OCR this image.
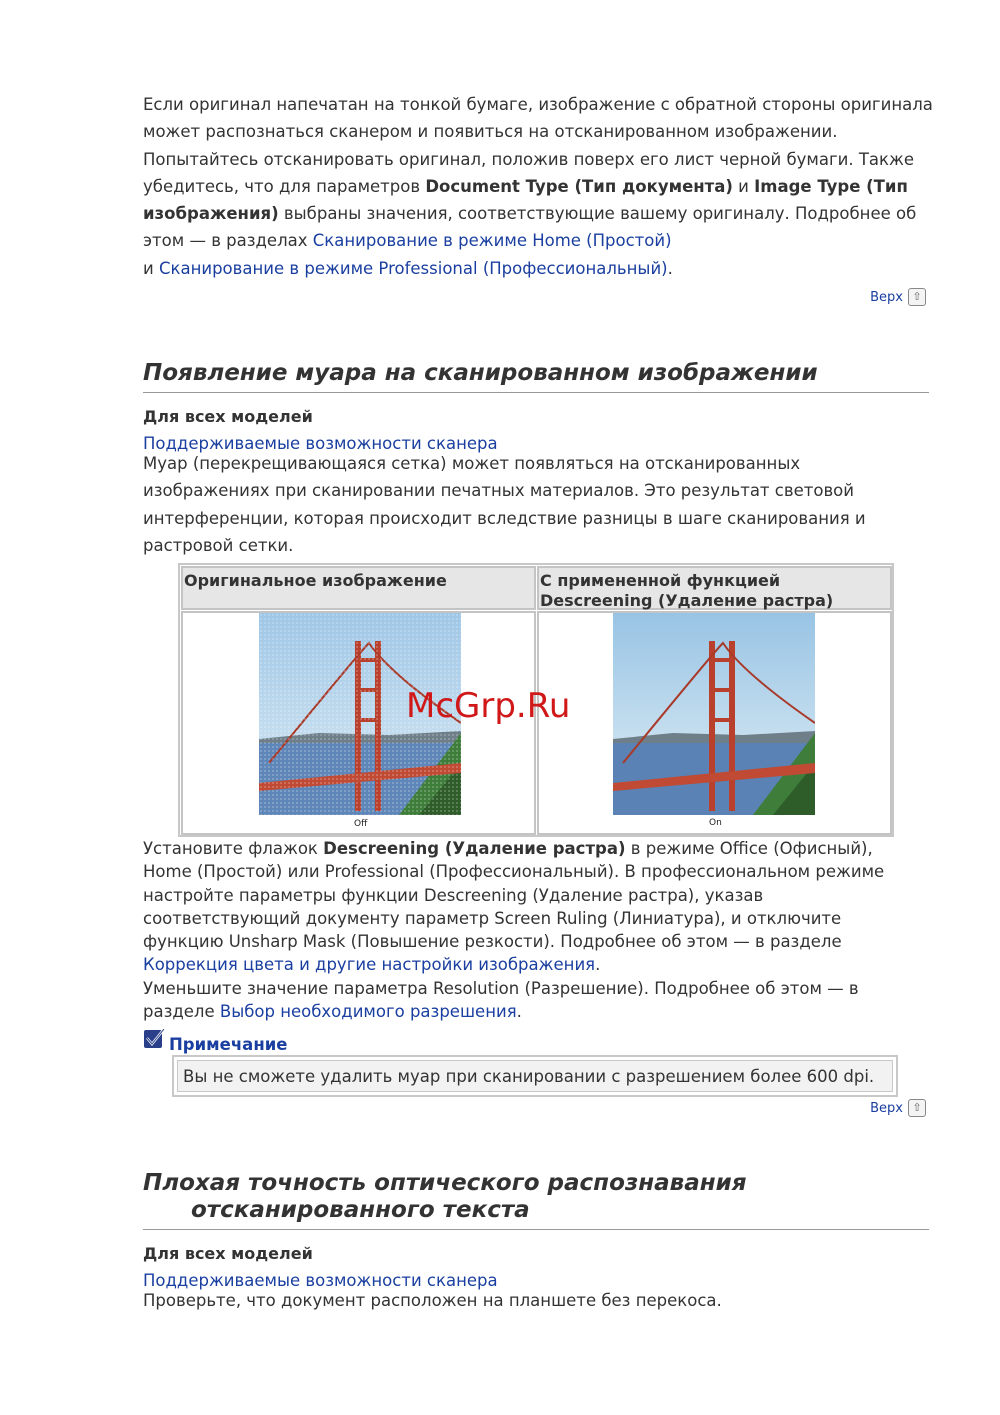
Если оригинал напечатан на тонкой бумаге, изображение с обратной стороны оригинала может распознаться сканером и появиться на отсканированном изображении. Попытайтесь отсканировать оригинал, положив поверх его лист черной бумаги. Также убедитесь, что для параметров Document Type (Тип документа) и Image Type (Тип изображения) выбраны значения, соответствующие вашему оригиналу. Подробнее об этом — в разделах Сканирование в режиме Home (Простой)
и Сканирование в режиме Professional (Профессиональный).

Верх ⇧
Появление муара на сканированном изображении

Для всех моделей

Поддерживаемые возможности сканера

Муар (перекрещивающаяся сетка) может появляться на отсканированных изображениях при сканировании печатных материалов. Это результат световой интерференции, которая происходит вследствие разницы в шаге сканирования и растровой сетки.

Оригинальное изображение	С примененной функцией Descreening (Удаление растра)
Off	On
McGrp.Ru

Установите флажок Descreening (Удаление растра) в режиме Office (Офисный), Home (Простой) или Professional (Профессиональный). В профессиональном режиме настройте параметры функции Descreening (Удаление растра), указав соответствующий документу параметр Screen Ruling (Линиатура), и отключите функцию Unsharp Mask (Повышение резкости). Подробнее об этом — в разделе
Коррекция цвета и другие настройки изображения.

Уменьшите значение параметра Resolution (Разрешение). Подробнее об этом — в разделе Выбор необходимого разрешения.

Примечание
Вы не сможете удалить муар при сканировании с разрешением более 600 dpi.
Верх ⇧
Плохая точность оптического распознавания
отсканированного текста

Для всех моделей

Поддерживаемые возможности сканера

Проверьте, что документ расположен на планшете без перекоса.
